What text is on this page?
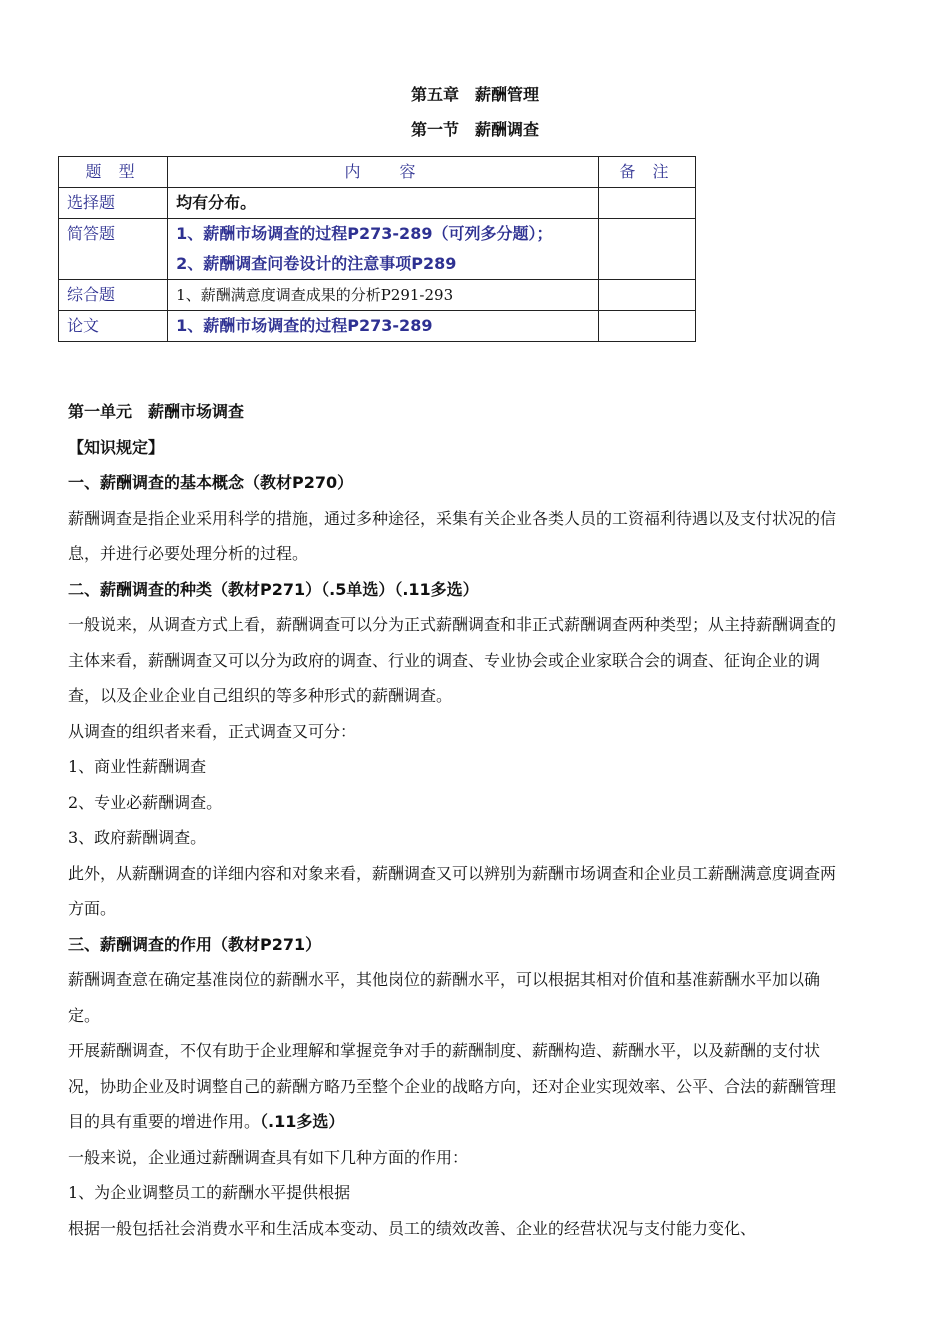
第五章　薪酬管理
第一节　薪酬调查
题 型	内　 容	备 注
选择题	均有分布。	
简答题	1、薪酬市场调查的过程P273-289（可列多分题）；
2、薪酬调查问卷设计的注意事项P289	

综合题	1、薪酬满意度调查成果的分析P291-293	
论文	1、薪酬市场调查的过程P273-289	

第一单元　薪酬市场调查

【知识规定】

一、薪酬调查的基本概念（教材P270）

薪酬调查是指企业采用科学的措施，通过多种途径，采集有关企业各类人员的工资福利待遇以及支付状况的信息，并进行必要处理分析的过程。

二、薪酬调查的种类（教材P271）（.5单选）（.11多选）

一般说来，从调查方式上看，薪酬调查可以分为正式薪酬调查和非正式薪酬调查两种类型；从主持薪酬调查的主体来看，薪酬调查又可以分为政府的调查、行业的调查、专业协会或企业家联合会的调查、征询企业的调查，以及企业企业自己组织的等多种形式的薪酬调查。

从调查的组织者来看，正式调查又可分：

1、商业性薪酬调查

2、专业必薪酬调查。

3、政府薪酬调查。

此外，从薪酬调查的详细内容和对象来看，薪酬调查又可以辨别为薪酬市场调查和企业员工薪酬满意度调查两方面。

三、薪酬调查的作用（教材P271）

薪酬调查意在确定基准岗位的薪酬水平，其他岗位的薪酬水平，可以根据其相对价值和基准薪酬水平加以确定。

开展薪酬调查，不仅有助于企业理解和掌握竞争对手的薪酬制度、薪酬构造、薪酬水平，以及薪酬的支付状况，协助企业及时调整自己的薪酬方略乃至整个企业的战略方向，还对企业实现效率、公平、合法的薪酬管理目的具有重要的增进作用。（.11多选）

一般来说，企业通过薪酬调查具有如下几种方面的作用：

1、为企业调整员工的薪酬水平提供根据

根据一般包括社会消费水平和生活成本变动、员工的绩效改善、企业的经营状况与支付能力变化、
